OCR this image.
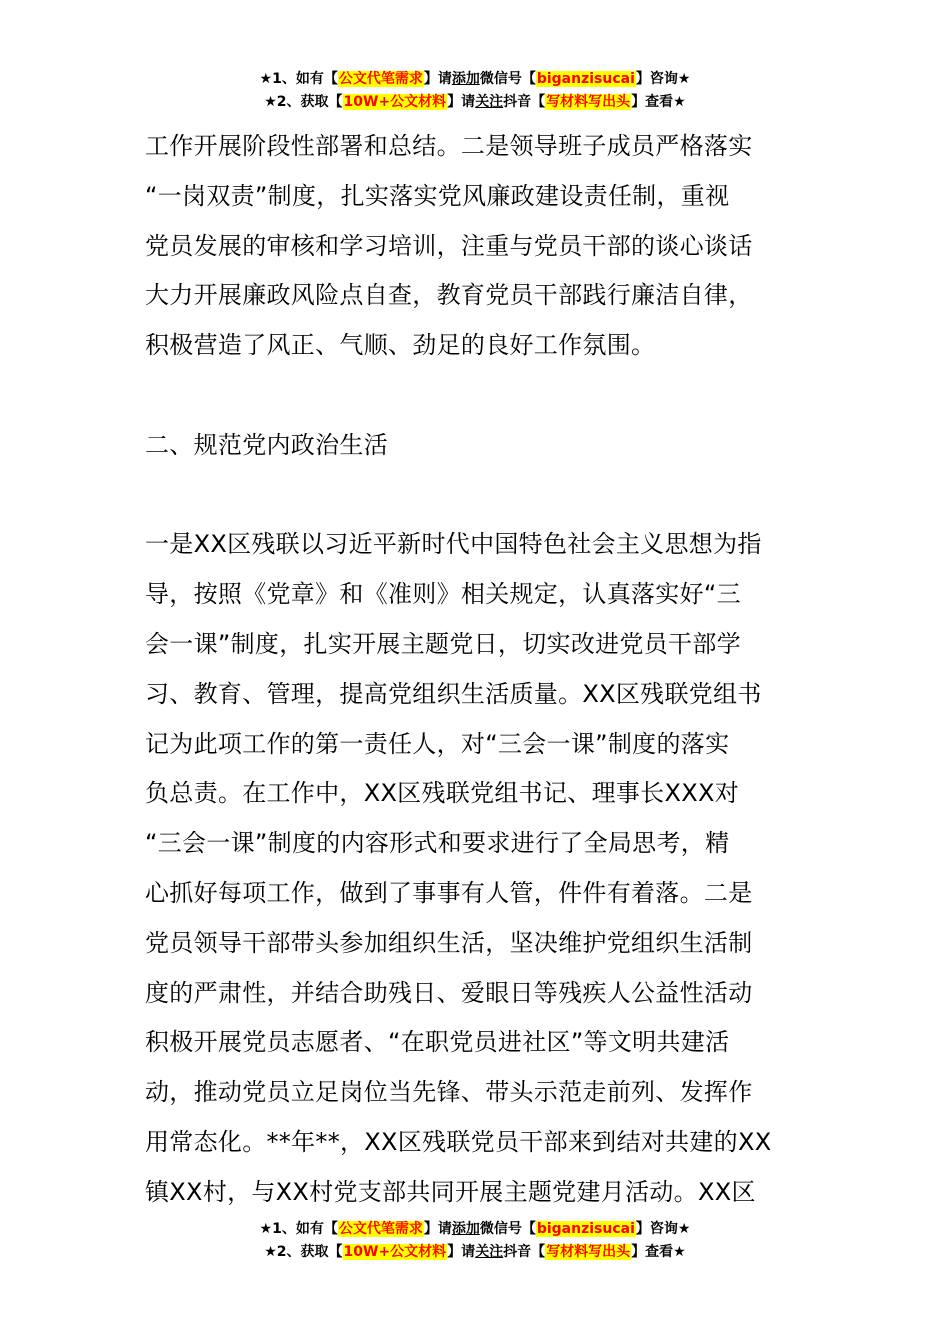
★1、如有【公文代笔需求】请添加微信号【biganzisucai】咨询★
★2、获取【10W+公文材料】请关注抖音【写材料写出头】查看★
工作开展阶段性部署和总结。二是领导班子成员严格落实
“一岗双责”制度，扎实落实党风廉政建设责任制，重视
党员发展的审核和学习培训，注重与党员干部的谈心谈话
大力开展廉政风险点自查，教育党员干部践行廉洁自律，
积极营造了风正、气顺、劲足的良好工作氛围。
二、规范党内政治生活
一是XX区残联以习近平新时代中国特色社会主义思想为指
导，按照《党章》和《准则》相关规定，认真落实好“三
会一课”制度，扎实开展主题党日，切实改进党员干部学
习、教育、管理，提高党组织生活质量。XX区残联党组书
记为此项工作的第一责任人，对“三会一课”制度的落实
负总责。在工作中，XX区残联党组书记、理事长XXX对
“三会一课”制度的内容形式和要求进行了全局思考，精
心抓好每项工作，做到了事事有人管，件件有着落。二是
党员领导干部带头参加组织生活，坚决维护党组织生活制
度的严肃性，并结合助残日、爱眼日等残疾人公益性活动
积极开展党员志愿者、“在职党员进社区”等文明共建活
动，推动党员立足岗位当先锋、带头示范走前列、发挥作
用常态化。**年**，XX区残联党员干部来到结对共建的XX
镇XX村，与XX村党支部共同开展主题党建月活动。XX区
★1、如有【公文代笔需求】请添加微信号【biganzisucai】咨询★
★2、获取【10W+公文材料】请关注抖音【写材料写出头】查看★
